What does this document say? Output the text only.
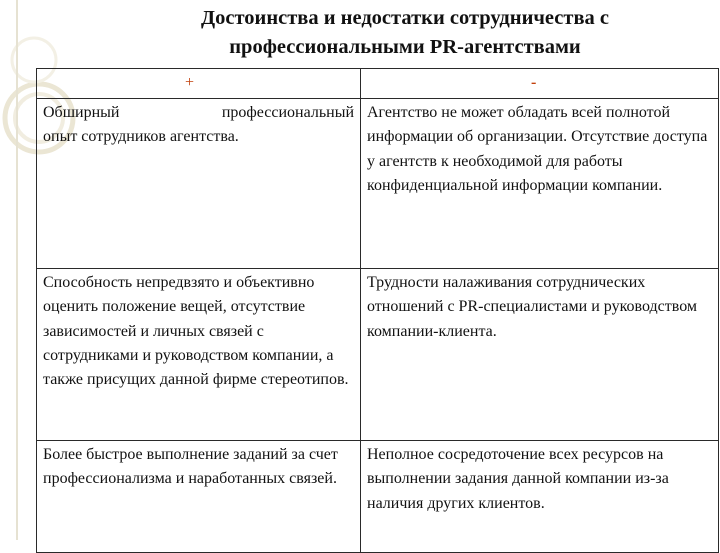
Достоинства и недостатки сотрудничества с
профессиональными PR-агентствами
+	-

Обширный профессиональный
опыт сотрудников агентства.	Агентство не может обладать всей полнотой информации об организации. Отсутствие доступа у агентств к необходимой для работы конфиденциальной информации компании.
Способность непредвзято и объективно оценить положение вещей, отсутствие зависимостей и личных связей с сотрудниками и руководством компании, а также присущих данной фирме стереотипов.	Трудности налаживания сотруднических отношений с PR-специалистами и руководством компании-клиента.
Более быстрое выполнение заданий за счет профессионализма и наработанных связей.	Неполное сосредоточение всех ресурсов на выполнении задания данной компании из-за наличия других клиентов.
